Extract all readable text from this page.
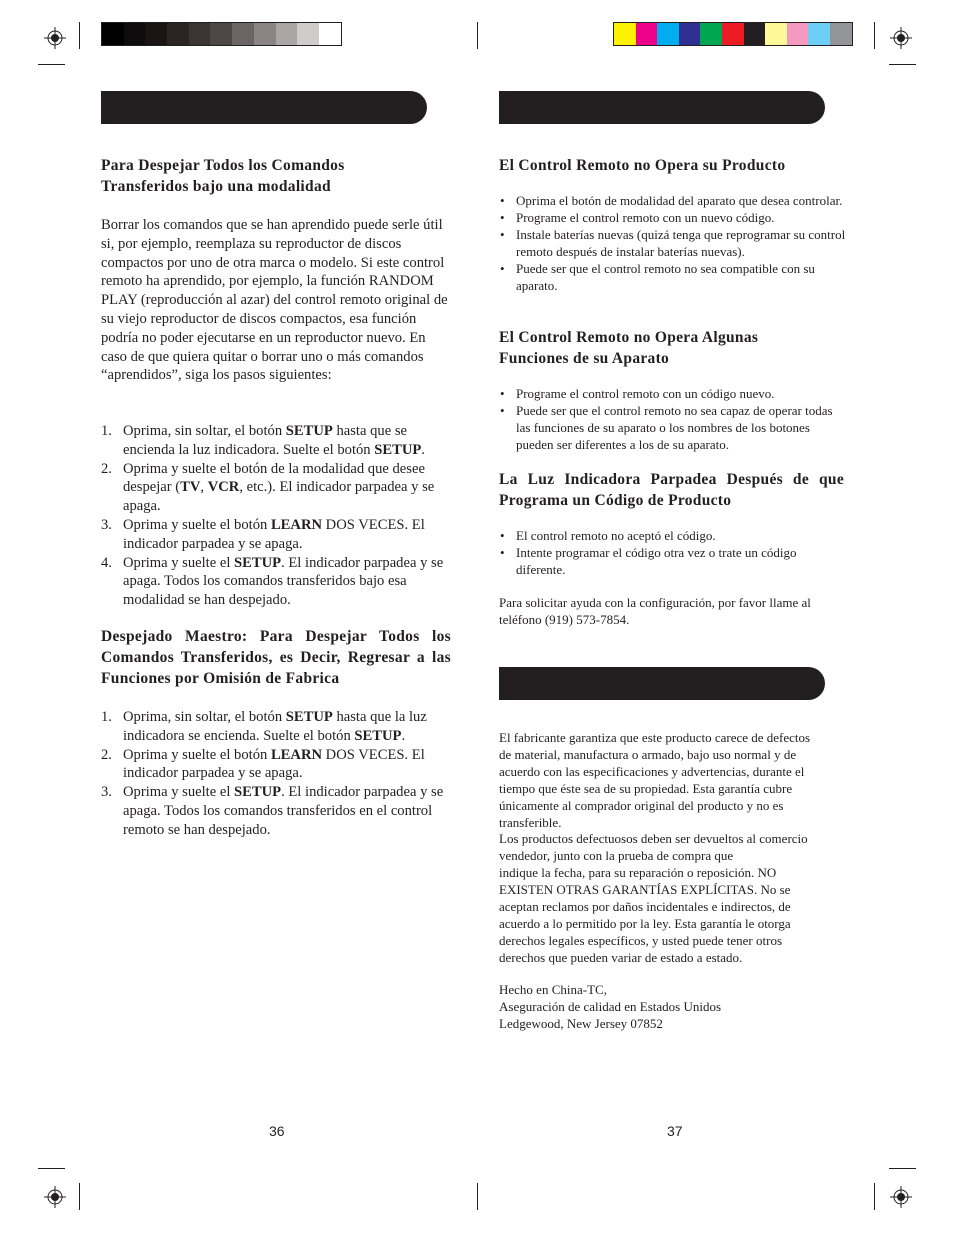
Para Despejar Todos los Comandos Transferidos bajo una modalidad

Borrar los comandos que se han aprendido puede serle útil si, por ejemplo, reemplaza su reproductor de discos compactos por uno de otra marca o modelo. Si este control remoto ha aprendido, por ejemplo, la función RANDOM PLAY (reproducción al azar) del control remoto original de su viejo reproductor de discos compactos, esa función podría no poder ejecutarse en un reproductor nuevo. En caso de que quiera quitar o borrar uno o más comandos “aprendidos”, siga los pasos siguientes:

1. Oprima, sin soltar, el botón SETUP hasta que se encienda la luz indicadora. Suelte el botón SETUP.
2. Oprima y suelte el botón de la modalidad que desee despejar (TV, VCR, etc.). El indicador parpadea y se apaga.
3. Oprima y suelte el botón LEARN DOS VECES. El indicador parpadea y se apaga.
4. Oprima y suelte el SETUP. El indicador parpadea y se apaga. Todos los comandos transferidos bajo esa modalidad se han despejado.
Despejado Maestro: Para Despejar Todos los Comandos Transferidos, es Decir, Regresar a las Funciones por Omisión de Fabrica
1. Oprima, sin soltar, el botón SETUP hasta que la luz indicadora se encienda. Suelte el botón SETUP.
2. Oprima y suelte el botón LEARN DOS VECES. El indicador parpadea y se apaga.
3. Oprima y suelte el SETUP. El indicador parpadea y se apaga. Todos los comandos transferidos en el control remoto se han despejado.
36
El Control Remoto no Opera su Producto
• Oprima el botón de modalidad del aparato que desea controlar.
• Programe el control remoto con un nuevo código.
• Instale baterías nuevas (quizá tenga que reprogramar su control remoto después de instalar baterías nuevas).
• Puede ser que el control remoto no sea compatible con su aparato.
El Control Remoto no Opera Algunas Funciones de su Aparato
• Programe el control remoto con un código nuevo.
• Puede ser que el control remoto no sea capaz de operar todas las funciones de su aparato o los nombres de los botones pueden ser diferentes a los de su aparato.
La Luz Indicadora Parpadea Después de que Programa un Código de Producto
• El control remoto no aceptó el código.
• Intente programar el código otra vez o trate un código diferente.

Para solicitar ayuda con la configuración, por favor llame al teléfono (919) 573-7854.

El fabricante garantiza que este producto carece de defectos
de material, manufactura o armado, bajo uso normal y de
acuerdo con las especificaciones y advertencias, durante el
tiempo que éste sea de su propiedad. Esta garantía cubre
únicamente al comprador original del producto y no es
transferible.
Los productos defectuosos deben ser devueltos al comercio
vendedor, junto con la prueba de compra que
indique la fecha, para su reparación o reposición. NO
EXISTEN OTRAS GARANTÍAS EXPLÍCITAS. No se
aceptan reclamos por daños incidentales e indirectos, de
acuerdo a lo permitido por la ley. Esta garantía le otorga
derechos legales específicos, y usted puede tener otros
derechos que pueden variar de estado a estado.
Hecho en China-TC,
Aseguración de calidad en Estados Unidos
Ledgewood, New Jersey 07852
37
